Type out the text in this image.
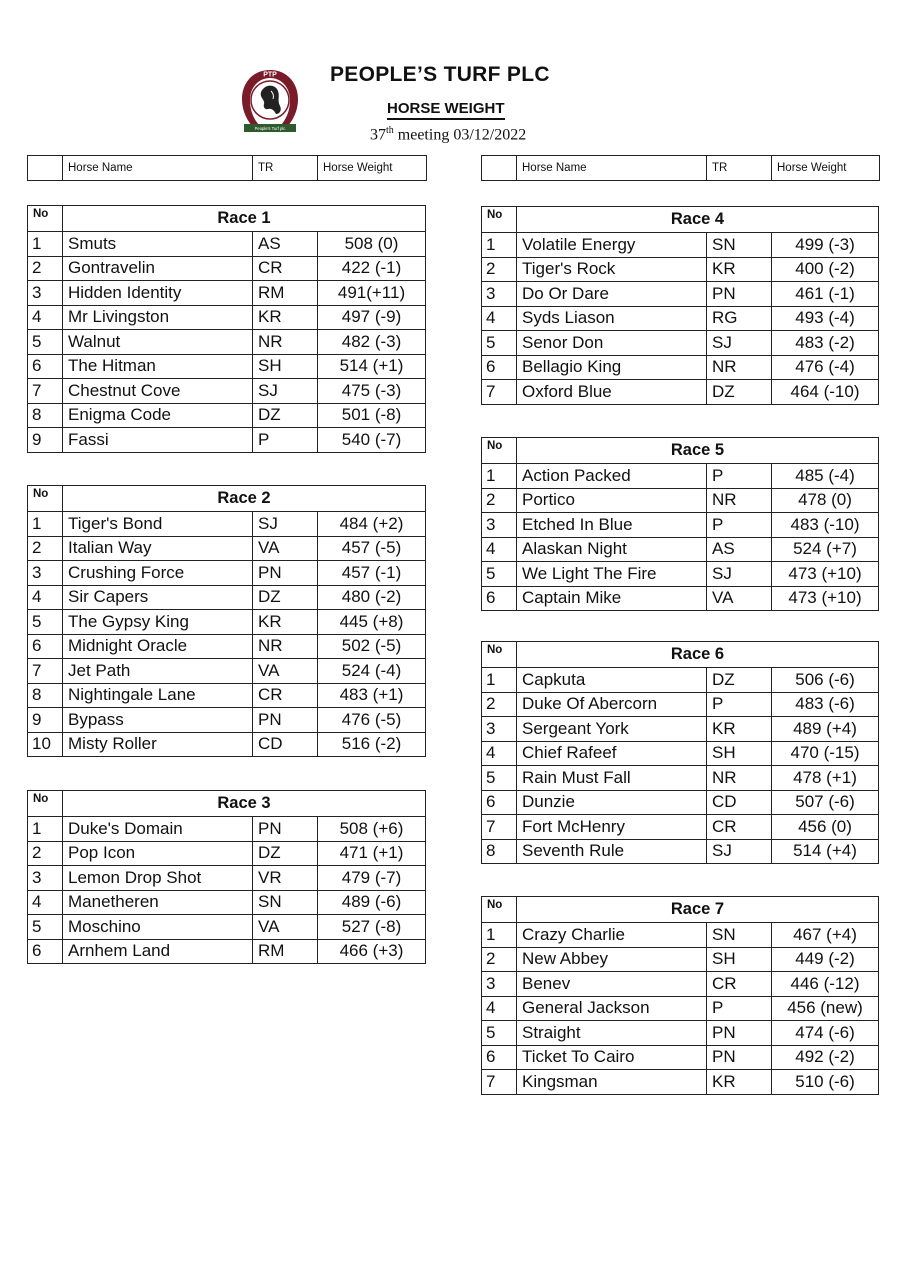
PTP
People's Turf plc
PEOPLE’S TURF PLC
HORSE WEIGHT
37th meeting 03/12/2022
	Horse Name	TR	Horse Weight
		Horse Name	TR	Horse Weight
No	Race 1		
1	Smuts	AS	508 (0)
2	Gontravelin	CR	422 (-1)
3	Hidden Identity	RM	491(+11)
4	Mr Livingston	KR	497 (-9)
5	Walnut	NR	482 (-3)
6	The Hitman	SH	514 (+1)
7	Chestnut Cove	SJ	475 (-3)
8	Enigma Code	DZ	501 (-8)
9	Fassi	P	540 (-7)
No	Race 2		
1	Tiger's Bond	SJ	484 (+2)
2	Italian Way	VA	457 (-5)
3	Crushing Force	PN	457 (-1)
4	Sir Capers	DZ	480 (-2)
5	The Gypsy King	KR	445 (+8)
6	Midnight Oracle	NR	502 (-5)
7	Jet Path	VA	524 (-4)
8	Nightingale Lane	CR	483 (+1)
9	Bypass	PN	476 (-5)
10	Misty Roller	CD	516 (-2)
No	Race 3		
1	Duke's Domain	PN	508 (+6)
2	Pop Icon	DZ	471 (+1)
3	Lemon Drop Shot	VR	479 (-7)
4	Manetheren	SN	489 (-6)
5	Moschino	VA	527 (-8)
6	Arnhem Land	RM	466 (+3)
No	Race 4		
1	Volatile Energy	SN	499 (-3)
2	Tiger's Rock	KR	400 (-2)
3	Do Or Dare	PN	461 (-1)
4	Syds Liason	RG	493 (-4)
5	Senor Don	SJ	483 (-2)
6	Bellagio King	NR	476 (-4)
7	Oxford Blue	DZ	464 (-10)
No	Race 5		
1	Action Packed	P	485 (-4)
2	Portico	NR	478 (0)
3	Etched In Blue	P	483 (-10)
4	Alaskan Night	AS	524 (+7)
5	We Light The Fire	SJ	473 (+10)
6	Captain Mike	VA	473 (+10)
No	Race 6		
1	Capkuta	DZ	506 (-6)
2	Duke Of Abercorn	P	483 (-6)
3	Sergeant York	KR	489 (+4)
4	Chief Rafeef	SH	470 (-15)
5	Rain Must Fall	NR	478 (+1)
6	Dunzie	CD	507 (-6)
7	Fort McHenry	CR	456 (0)
8	Seventh Rule	SJ	514 (+4)
No	Race 7		
1	Crazy Charlie	SN	467 (+4)
2	New Abbey	SH	449 (-2)
3	Benev	CR	446 (-12)
4	General Jackson	P	456 (new)
5	Straight	PN	474 (-6)
6	Ticket To Cairo	PN	492 (-2)
7	Kingsman	KR	510 (-6)
